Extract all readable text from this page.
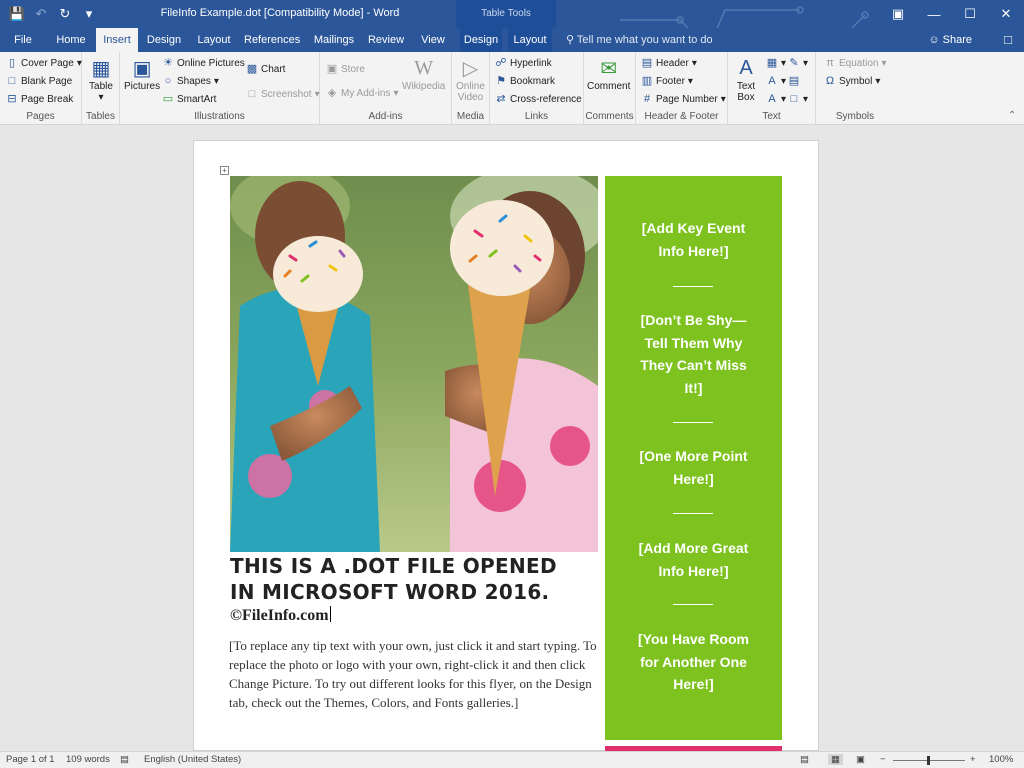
💾 ↶ ↻	▾	FileInfo Example.dot [Compatibility Mode] - Word	Table Tools	▣	—	☐	✕
File	Home	Insert	Design	Layout	References	Mailings	Review	View	Design	Layout	⚲ Tell me what you want to do	☺ Share □
▯ Cover Page ▾
□ Blank Page
⊟ Page Break
Pages
▦
Table
▾
Tables
▣
Pictures
☀ Online Pictures
○ Shapes ▾
▭ SmartArt
▩ Chart
□ Screenshot ▾
Illustrations
▣ Store
◈ My Add-ins ▾
W
Wikipedia
Add-ins
▷
Online
Video
Media
☍ Hyperlink
⚑ Bookmark
⇄ Cross-reference
Links
✉
Comment
Comments
▤ Header ▾
▥ Footer ▾
# Page Number ▾
Header & Footer
A
Text
Box
▦ ▾
A ▾
A ▾
✎ ▾
▤
□ ▾
Text
π Equation ▾
Ω Symbol ▾
Symbols	⌃
+
THIS IS A .DOT FILE OPENED
IN MICROSOFT WORD 2016.
©FileInfo.com
[To replace any tip text with your own, just click it and start typing. To replace the photo or logo with your own, right-click it and then click Change Picture. To try out different looks for this flyer, on the Design tab, check out the Themes, Colors, and Fonts galleries.]
[Add Key Event
Info Here!]
[Don’t Be Shy—
Tell Them Why
They Can’t Miss
It!]
[One More Point
Here!]
[Add More Great
Info Here!]
[You Have Room
for Another One
Here!]
Page 1 of 1 109 words ▤ English (United States)	▤	▦	▣ −	+ 100%
